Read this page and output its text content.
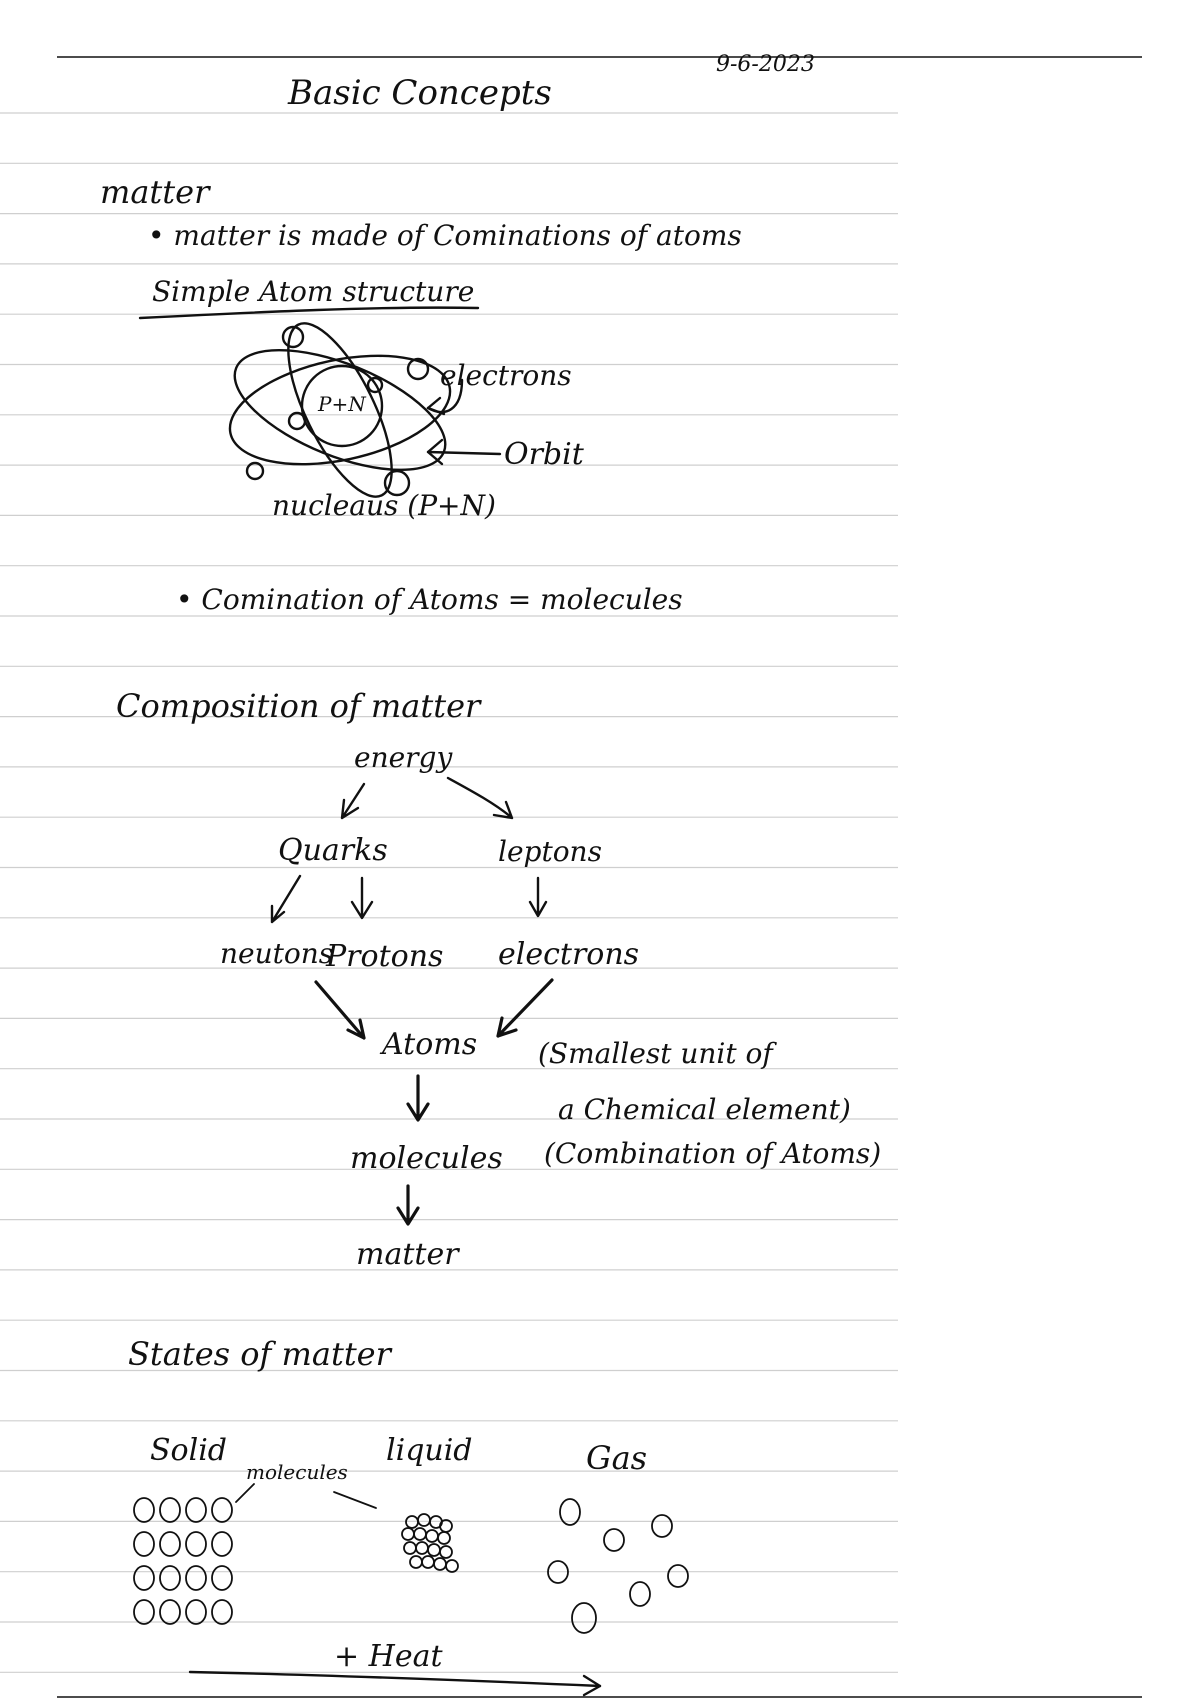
Basic Concepts
9-6-2023
matter
• matter is made of Cominations of atoms
Simple Atom structure
P+N
electrons
Orbit
nucleaus (P+N)
• Comination of Atoms = molecules
Composition of matter
energy
Quarks	leptons
neutons
Protons electrons
Atoms (Smallest unit of
a Chemical element)
molecules (Combination of Atoms)
matter
States of matter
Solid
molecules
liquid	Gas
+ Heat
